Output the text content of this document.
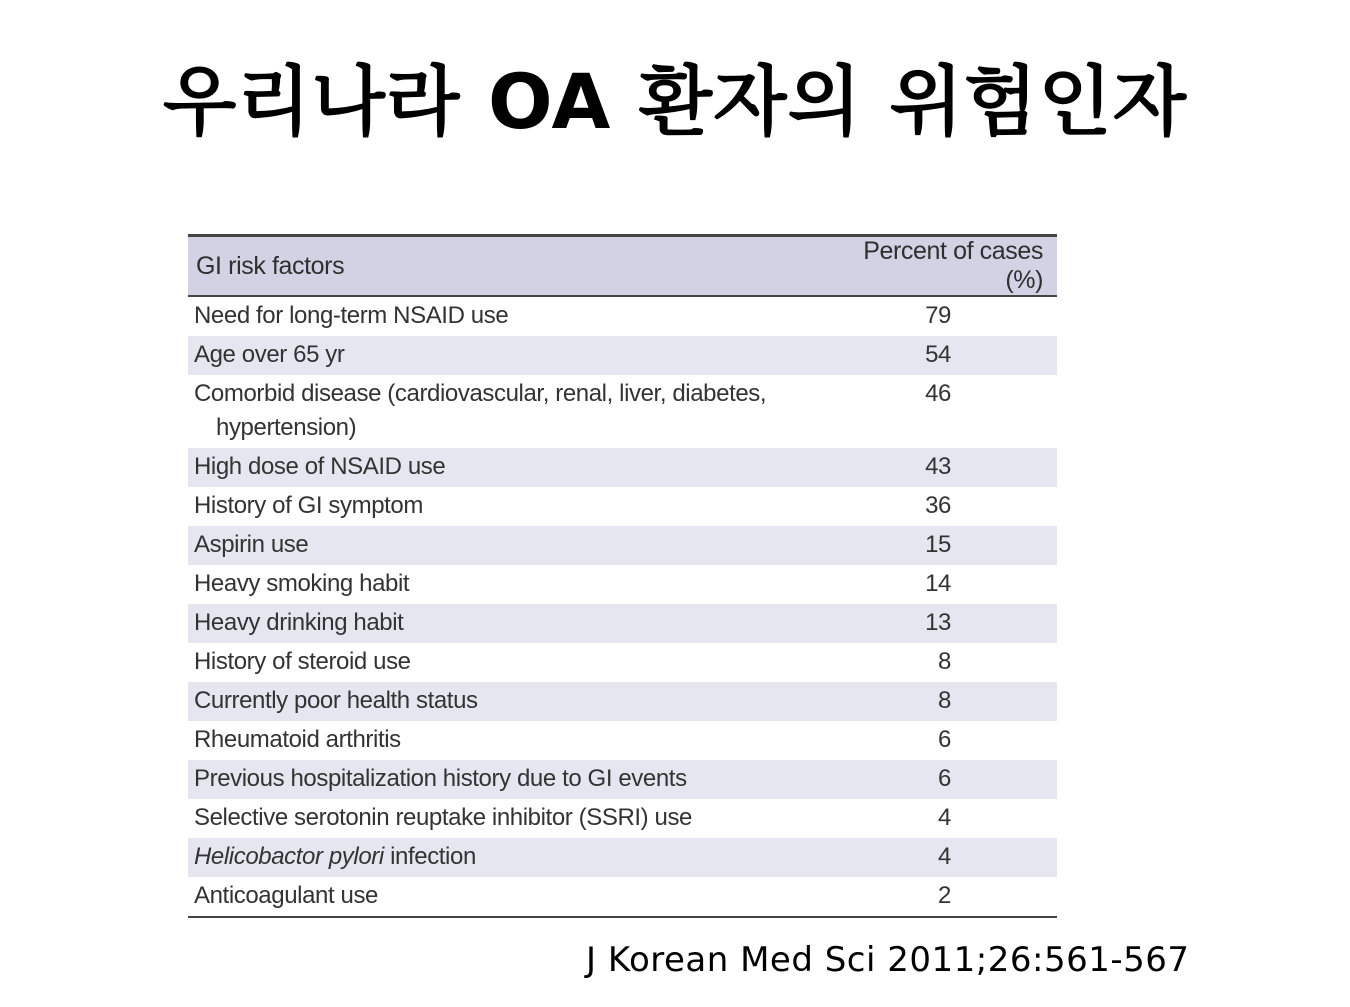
우리나라 OA 환자의 위험인자
GI risk factors	Percent of cases (%)
Need for long-term NSAID use	79
Age over 65 yr	54
Comorbid disease (cardiovascular, renal, liver, diabetes,
hypertension)	46
High dose of NSAID use	43
History of GI symptom	36
Aspirin use	15
Heavy smoking habit	14
Heavy drinking habit	13
History of steroid use	8
Currently poor health status	8
Rheumatoid arthritis	6
Previous hospitalization history due to GI events	6
Selective serotonin reuptake inhibitor (SSRI) use	4
Helicobactor pylori infection	4
Anticoagulant use	2
J Korean Med Sci 2011;26:561-567
